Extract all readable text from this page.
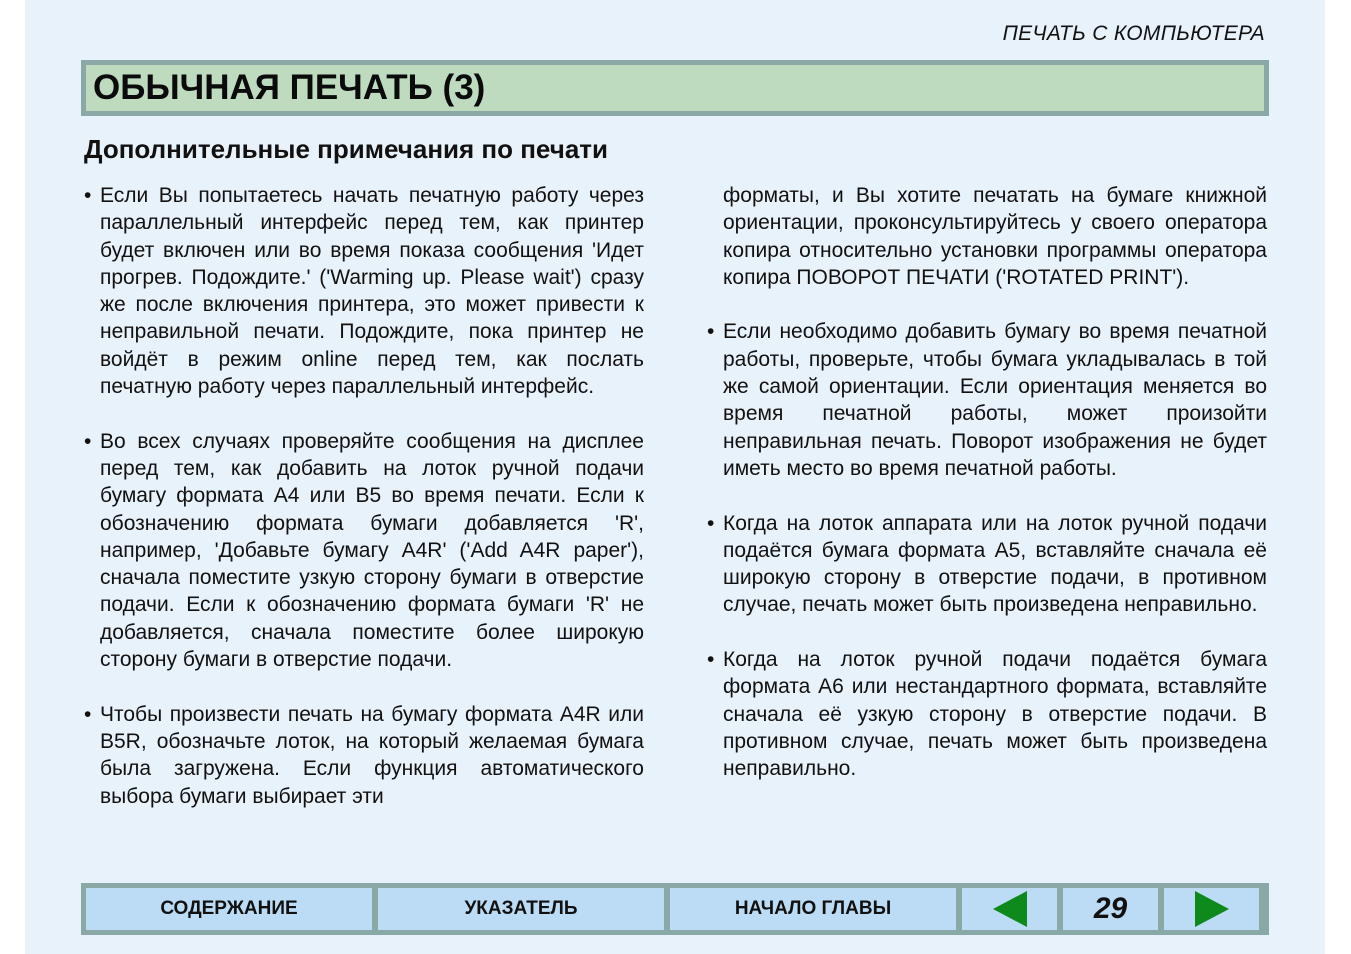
ПЕЧАТЬ С КОМПЬЮТЕРА
ОБЫЧНАЯ ПЕЧАТЬ (3)
Дополнительные примечания по печати

• Если Вы попытаетесь начать печатную работу через параллельный интерфейс перед тем, как принтер будет включен или во время показа сообщения 'Идет прогрев. Подождите.' ('Warming up. Please wait') сразу же после включения принтера, это может привести к неправильной печати. Подождите, пока принтер не войдёт в режим online перед тем, как послать печатную работу через параллельный интерфейс.

• Во всех случаях проверяйте сообщения на дисплее перед тем, как добавить на лоток ручной подачи бумагу формата A4 или B5 во время печати. Если к обозначению формата бумаги добавляется 'R', например, 'Добавьте бумагу A4R' ('Add A4R paper'), сначала поместите узкую сторону бумаги в отверстие подачи. Если к обозначению формата бумаги 'R' не добавляется, сначала поместите более широкую сторону бумаги в отверстие подачи.

• Чтобы произвести печать на бумагу формата A4R или B5R, обозначьте лоток, на который желаемая бумага была загружена. Если функция автоматического выбора бумаги выбирает эти

форматы, и Вы хотите печатать на бумаге книжной ориентации, проконсультируйтесь у своего оператора копира относительно установки программы оператора копира ПОВОРОТ ПЕЧАТИ ('ROTATED PRINT').

• Если необходимо добавить бумагу во время печатной работы, проверьте, чтобы бумага укладывалась в той же самой ориентации. Если ориентация меняется во время печатной работы, может произойти неправильная печать. Поворот изображения не будет иметь место во время печатной работы.

• Когда на лоток аппарата или на лоток ручной подачи подаётся бумага формата A5, вставляйте сначала её широкую сторону в отверстие подачи, в противном случае, печать может быть произведена неправильно.

• Когда на лоток ручной подачи подаётся бумага формата A6 или нестандартного формата, вставляйте сначала её узкую сторону в отверстие подачи. В противном случае, печать может быть произведена неправильно.

СОДЕРЖАНИЕ	УКАЗАТЕЛЬ	НАЧАЛО ГЛАВЫ	29
